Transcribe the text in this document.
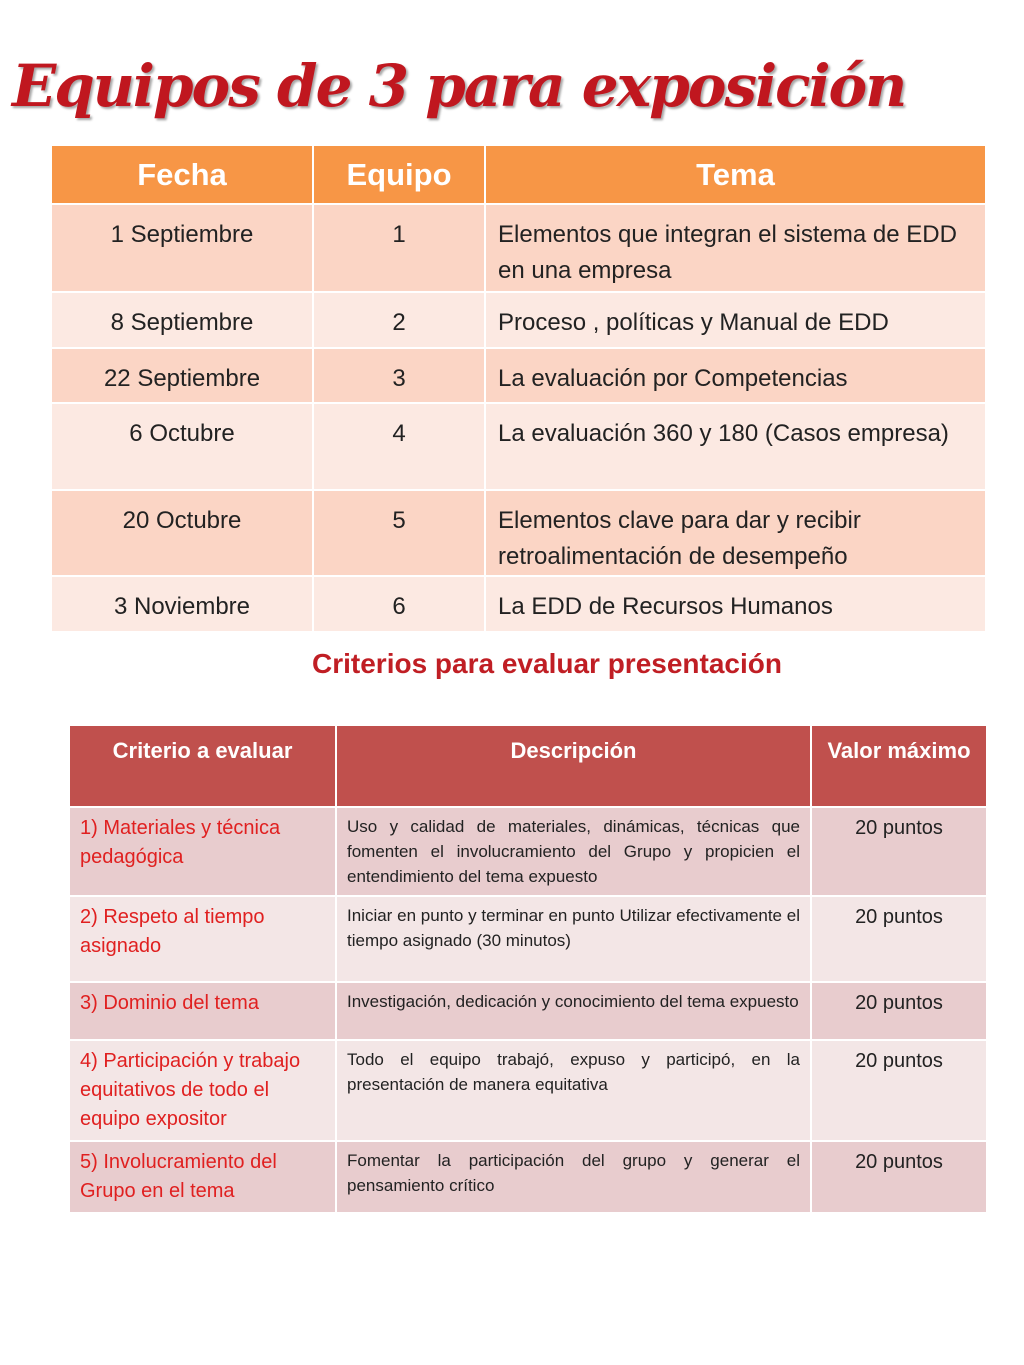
Equipos de 3 para exposición
Fecha	Equipo	Tema
1 Septiembre	1	Elementos que integran el sistema de EDD en una empresa
8 Septiembre	2	Proceso , políticas y Manual de EDD
22 Septiembre	3	La evaluación por Competencias
6 Octubre	4	La evaluación 360 y 180 (Casos empresa)
20 Octubre	5	Elementos clave para dar y recibir retroalimentación de desempeño
3 Noviembre	6	La EDD de Recursos Humanos
Criterios para evaluar presentación
Criterio a evaluar	Descripción	Valor máximo
1) Materiales y técnica pedagógica	Uso y calidad de materiales, dinámicas, técnicas que fomenten el involucramiento del Grupo y propicien el entendimiento del tema expuesto	20 puntos
2) Respeto al tiempo asignado	Iniciar en punto y terminar en punto Utilizar efectivamente el tiempo asignado (30 minutos)	20 puntos
3) Dominio del tema	Investigación, dedicación y conocimiento del tema expuesto	20 puntos
4) Participación y trabajo equitativos de todo el equipo expositor	Todo el equipo trabajó, expuso y participó, en la presentación de manera equitativa	20 puntos
5) Involucramiento del Grupo en el tema	Fomentar la participación del grupo y generar el pensamiento crítico	20 puntos
